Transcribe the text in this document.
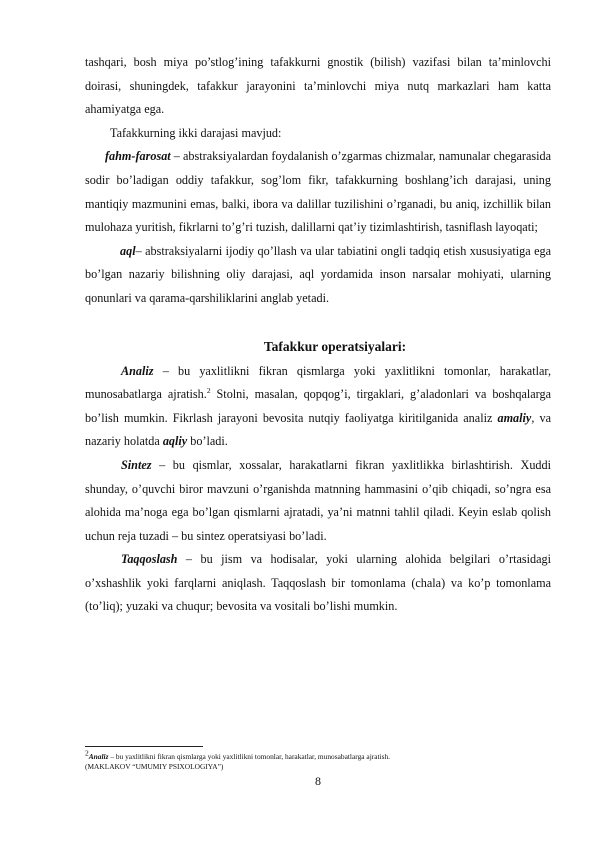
tashqari, bosh miya po’stlog’ining tafakkurni gnostik (bilish) vazifasi bilan ta’minlovchi doirasi, shuningdek, tafakkur jarayonini ta’minlovchi miya nutq markazlari ham katta ahamiyatga ega.

Tafakkurning ikki darajasi mavjud:

fahm-farosat – abstraksiyalardan foydalanish o’zgarmas chizmalar, namunalar chegarasida sodir bo’ladigan oddiy tafakkur, sog’lom fikr, tafakkurning boshlang’ich darajasi, uning mantiqiy mazmunini emas, balki, ibora va dalillar tuzilishini o’rganadi, bu aniq, izchillik bilan mulohaza yuritish, fikrlarni to’g’ri tuzish, dalillarni qat’iy tizimlashtirish, tasniflash layoqati;

aql– abstraksiyalarni ijodiy qo’llash va ular tabiatini ongli tadqiq etish xususiyatiga ega bo’lgan nazariy bilishning oliy darajasi, aql yordamida inson narsalar mohiyati, ularning qonunlari va qarama-qarshiliklarini anglab yetadi.

Tafakkur operatsiyalari:

Analiz – bu yaxlitlikni fikran qismlarga yoki yaxlitlikni tomonlar, harakatlar, munosabatlarga ajratish.$^2$ Stolni, masalan, qopqog’i, tirgaklari, g’aladonlari va boshqalarga bo’lish mumkin. Fikrlash jarayoni bevosita nutqiy faoliyatga kiritilganida analiz amaliy, va nazariy holatda aqliy bo’ladi.

Sintez – bu qismlar, xossalar, harakatlarni fikran yaxlitlikka birlashtirish. Xuddi shunday, o’quvchi biror mavzuni o’rganishda matnning hammasini o’qib chiqadi, so’ngra esa alohida ma’noga ega bo’lgan qismlarni ajratadi, ya’ni matnni tahlil qiladi. Keyin eslab qolish uchun reja tuzadi – bu sintez operatsiyasi bo’ladi.

Taqqoslash – bu jism va hodisalar, yoki ularning alohida belgilari o’rtasidagi o’xshashlik yoki farqlarni aniqlash. Taqqoslash bir tomonlama (chala) va ko’p tomonlama (to’liq); yuzaki va chuqur; bevosita va vositali bo’lishi mumkin.

$^2$Analiz – bu yaxlitlikni fikran qismlarga yoki yaxlitlikni tomonlar, harakatlar, munosabatlarga ajratish.
(MAKLAKOV “UMUMIY PSIXOLOGIYA”)
8
